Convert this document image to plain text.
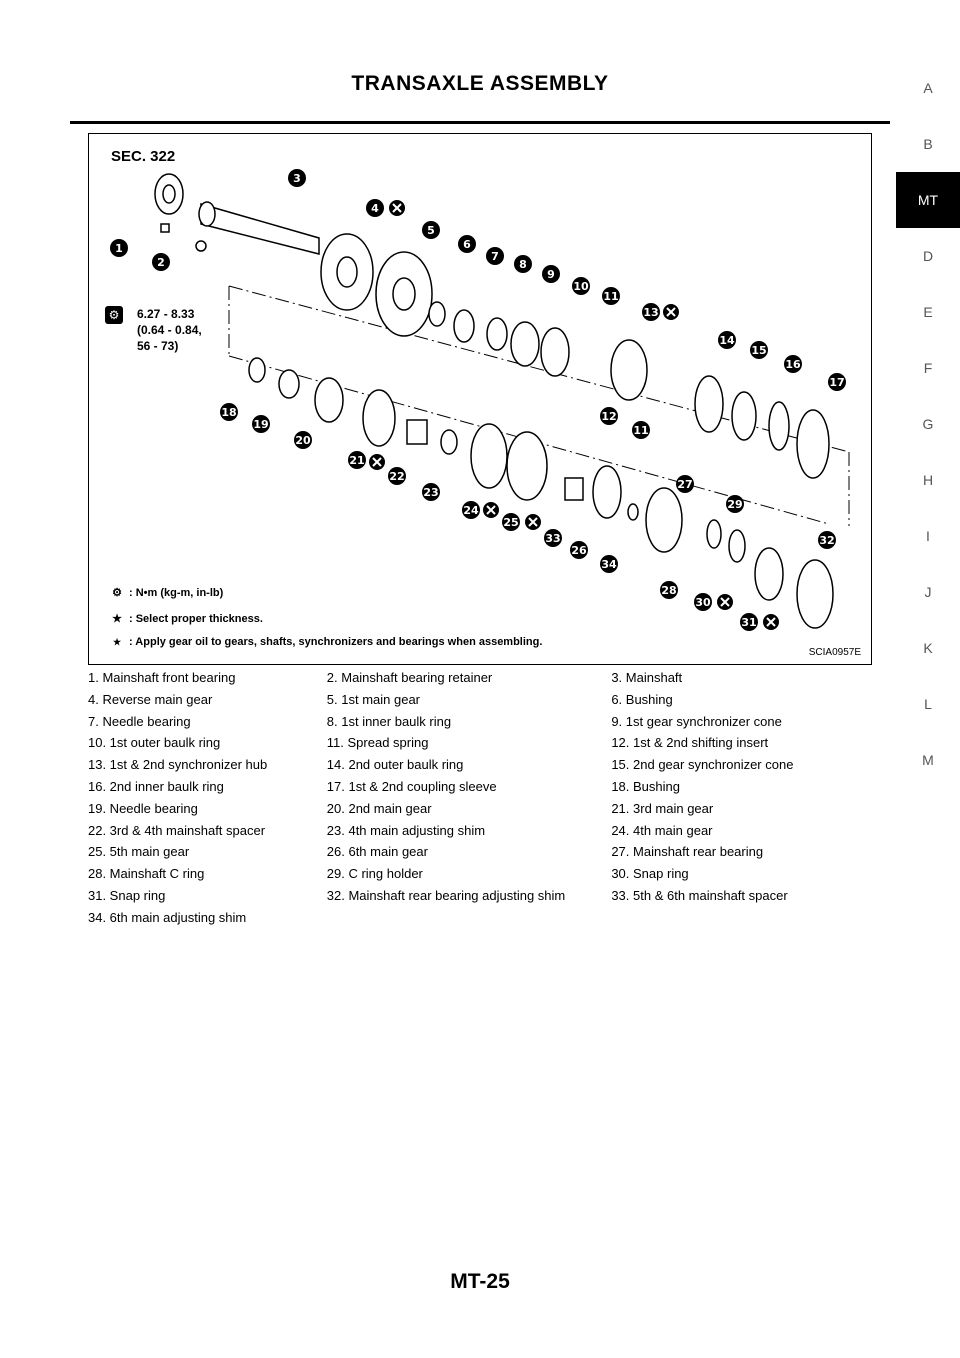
TRANSAXLE ASSEMBLY	A
B
MT
D
E
F
G
H
I
J
K
L
M
1
2
3
4
5
6
7
8
9
10
11
13
14
15
16
17
18
19
20
21
22
23
24
25
33
26
34
27
28
29
30
31
32
12
11
SEC. 322
⚙	6.27 - 8.33
(0.64 - 0.84,
56 - 73)
⚙ : N•m (kg-m, in-lb)
★ : Select proper thickness.
★ : Apply gear oil to gears, shafts, synchronizers and bearings when assembling.
SCIA0957E
1. Mainshaft front bearing	2. Mainshaft bearing retainer	3. Mainshaft
4. Reverse main gear	5. 1st main gear	6. Bushing
7. Needle bearing	8. 1st inner baulk ring	9. 1st gear synchronizer cone
10. 1st outer baulk ring	11. Spread spring	12. 1st & 2nd shifting insert
13. 1st & 2nd synchronizer hub	14. 2nd outer baulk ring	15. 2nd gear synchronizer cone
16. 2nd inner baulk ring	17. 1st & 2nd coupling sleeve	18. Bushing
19. Needle bearing	20. 2nd main gear	21. 3rd main gear
22. 3rd & 4th mainshaft spacer	23. 4th main adjusting shim	24. 4th main gear
25. 5th main gear	26. 6th main gear	27. Mainshaft rear bearing
28. Mainshaft C ring	29. C ring holder	30. Snap ring
31. Snap ring	32. Mainshaft rear bearing adjusting shim	33. 5th & 6th mainshaft spacer
34. 6th main adjusting shim
MT-25
